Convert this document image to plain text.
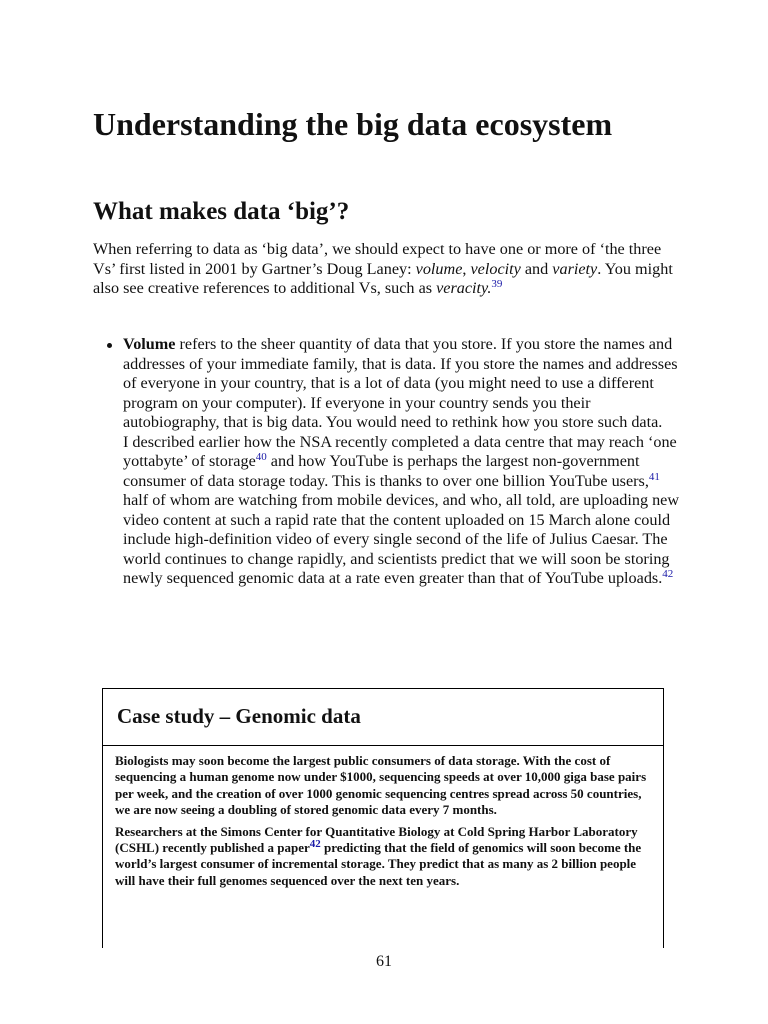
Understanding the big data ecosystem
What makes data ‘big’?

When referring to data as ‘big data’, we should expect to have one or more of ‘the three Vs’ first listed in 2001 by Gartner’s Doug Laney: volume, velocity and variety. You might also see creative references to additional Vs, such as veracity.$^{39}$

Volume refers to the sheer quantity of data that you store. If you store the names and addresses of your immediate family, that is data. If you store the names and addresses of everyone in your country, that is a lot of data (you might need to use a different program on your computer). If everyone in your country sends you their autobiography, that is big data. You would need to rethink how you store such data.
I described earlier how the NSA recently completed a data centre that may reach ‘one yottabyte’ of storage$^{40}$ and how YouTube is perhaps the largest non-government consumer of data storage today. This is thanks to over one billion YouTube users,$^{41}$ half of whom are watching from mobile devices, and who, all told, are uploading new video content at such a rapid rate that the content uploaded on 15 March alone could include high-definition video of every single second of the life of Julius Caesar. The world continues to change rapidly, and scientists predict that we will soon be storing newly sequenced genomic data at a rate even greater than that of YouTube uploads.$^{42}$
Case study – Genomic data

Biologists may soon become the largest public consumers of data storage. With the cost of sequencing a human genome now under $1000, sequencing speeds at over 10,000 giga base pairs per week, and the creation of over 1000 genomic sequencing centres spread across 50 countries, we are now seeing a doubling of stored genomic data every 7 months.

Researchers at the Simons Center for Quantitative Biology at Cold Spring Harbor Laboratory (CSHL) recently published a paper$^{42}$ predicting that the field of genomics will soon become the world’s largest consumer of incremental storage. They predict that as many as 2 billion people will have their full genomes sequenced over the next ten years.

61
